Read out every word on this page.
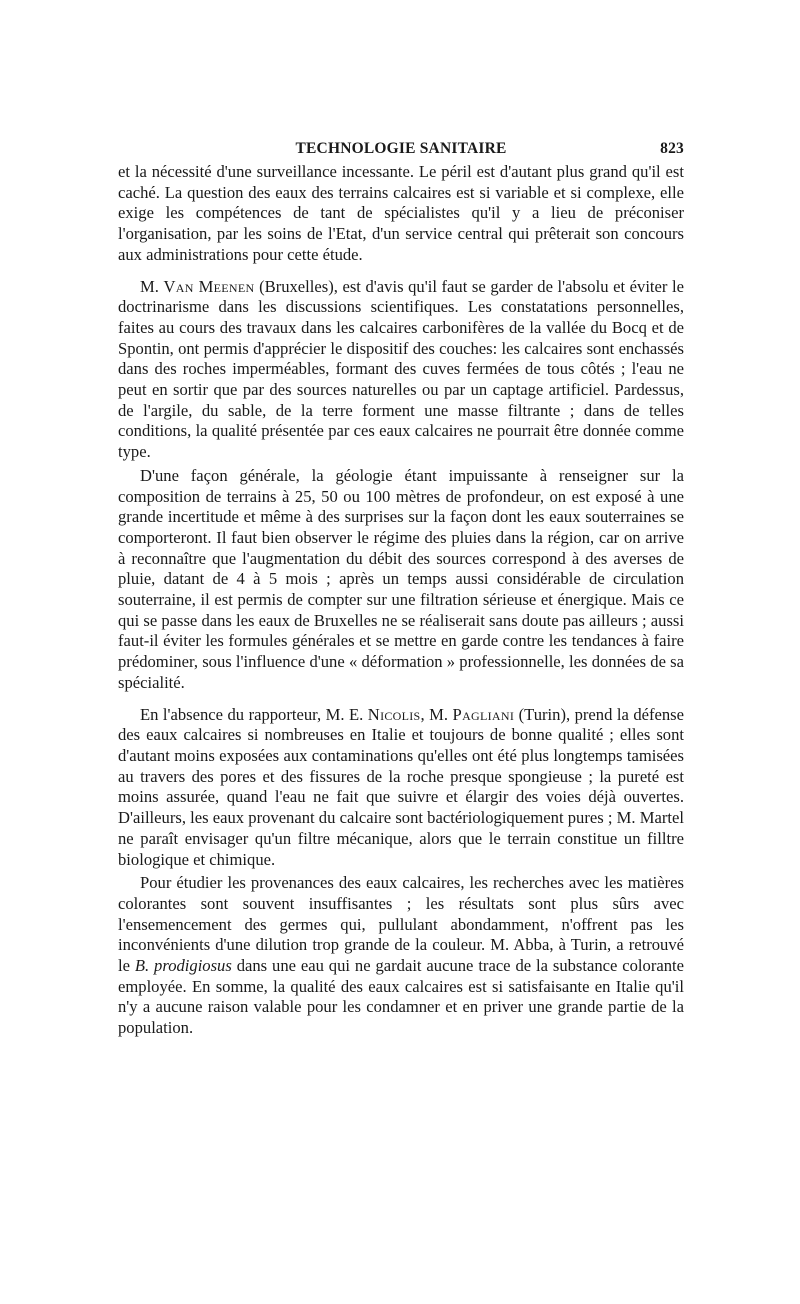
TECHNOLOGIE SANITAIRE	823

et la nécessité d'une surveillance incessante. Le péril est d'autant plus grand qu'il est caché. La question des eaux des terrains calcaires est si variable et si complexe, elle exige les compétences de tant de spécialistes qu'il y a lieu de préconiser l'organisation, par les soins de l'Etat, d'un service central qui prêterait son concours aux administrations pour cette étude.

M. Van Meenen (Bruxelles), est d'avis qu'il faut se garder de l'absolu et éviter le doctrinarisme dans les discussions scientifiques. Les constatations personnelles, faites au cours des travaux dans les calcaires carbonifères de la vallée du Bocq et de Spontin, ont permis d'apprécier le dispositif des couches: les calcaires sont enchassés dans des roches imperméables, formant des cuves fermées de tous côtés ; l'eau ne peut en sortir que par des sources naturelles ou par un captage artificiel. Pardessus, de l'argile, du sable, de la terre forment une masse filtrante ; dans de telles conditions, la qualité présentée par ces eaux calcaires ne pourrait être donnée comme type.

D'une façon générale, la géologie étant impuissante à renseigner sur la composition de terrains à 25, 50 ou 100 mètres de profondeur, on est exposé à une grande incertitude et même à des surprises sur la façon dont les eaux souterraines se comporteront. Il faut bien observer le régime des pluies dans la région, car on arrive à reconnaître que l'augmentation du débit des sources correspond à des averses de pluie, datant de 4 à 5 mois ; après un temps aussi considérable de circulation souterraine, il est permis de compter sur une filtration sérieuse et énergique. Mais ce qui se passe dans les eaux de Bruxelles ne se réaliserait sans doute pas ailleurs ; aussi faut-il éviter les formules générales et se mettre en garde contre les tendances à faire prédominer, sous l'influence d'une « déformation » professionnelle, les données de sa spécialité.

En l'absence du rapporteur, M. E. Nicolis, M. Pagliani (Turin), prend la défense des eaux calcaires si nombreuses en Italie et toujours de bonne qualité ; elles sont d'autant moins exposées aux contaminations qu'elles ont été plus longtemps tamisées au travers des pores et des fissures de la roche presque spongieuse ; la pureté est moins assurée, quand l'eau ne fait que suivre et élargir des voies déjà ouvertes. D'ailleurs, les eaux provenant du calcaire sont bactériologiquement pures ; M. Martel ne paraît envisager qu'un filtre mécanique, alors que le terrain constitue un filltre biologique et chimique.

Pour étudier les provenances des eaux calcaires, les recherches avec les matières colorantes sont souvent insuffisantes ; les résultats sont plus sûrs avec l'ensemencement des germes qui, pullulant abondamment, n'offrent pas les inconvénients d'une dilution trop grande de la couleur. M. Abba, à Turin, a retrouvé le B. prodigiosus dans une eau qui ne gardait aucune trace de la substance colorante employée. En somme, la qualité des eaux calcaires est si satisfaisante en Italie qu'il n'y a aucune raison valable pour les condamner et en priver une grande partie de la population.
